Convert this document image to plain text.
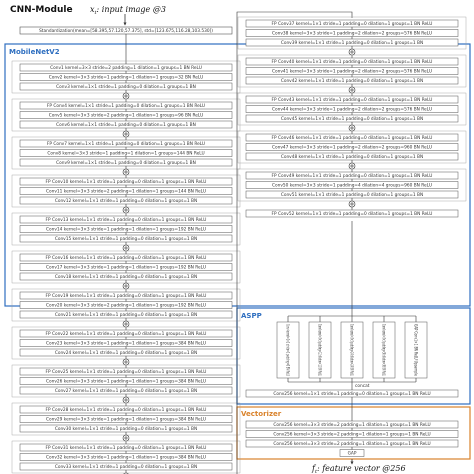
CNN-Module $x_t$: input image @3
Standardization(mean=[58.395,57.120,57.375], std=[123.675,116.28,103.530])
MobileNetV2
ASPP
Vectorizer
Conv1 kernel=3×3 stride=2 padding=1 dilation=1 groups=1 BN ReLU
Conv2 kernel=3×3 stride=1 padding=1 dilation=1 groups=32 BN ReLU
Conv3 kernel=1×1 stride=1 padding=0 dilation=1 groups=1 BN
FP Conv4 kernel=1×1 stride=1 padding=0 dilation=1 groups=1 BN ReLU
Conv5 kernel=3×3 stride=2 padding=1 dilation=1 groups=96 BN ReLU
Conv6 kernel=1×1 stride=1 padding=0 dilation=1 groups=1 BN
FP Conv7 kernel=1×1 stride=1 padding=0 dilation=1 groups=1 BN ReLU
Conv8 kernel=3×3 stride=1 padding=1 dilation=1 groups=144 BN ReLU
Conv9 kernel=1×1 stride=1 padding=0 dilation=1 groups=1 BN
FP Conv10 kernel=1×1 stride=1 padding=0 dilation=1 groups=1 BN ReLU
Conv11 kernel=3×3 stride=2 padding=1 dilation=1 groups=144 BN ReLU
Conv12 kernel=1×1 stride=1 padding=0 dilation=1 groups=1 BN
FP Conv13 kernel=1×1 stride=1 padding=0 dilation=1 groups=1 BN ReLU
Conv14 kernel=3×3 stride=1 padding=1 dilation=1 groups=192 BN ReLU
Conv15 kernel=1×1 stride=1 padding=0 dilation=1 groups=1 BN
FP Conv16 kernel=1×1 stride=1 padding=0 dilation=1 groups=1 BN ReLU
Conv17 kernel=3×3 stride=1 padding=1 dilation=1 groups=192 BN ReLU
Conv18 kernel=1×1 stride=1 padding=0 dilation=1 groups=1 BN
FP Conv19 kernel=1×1 stride=1 padding=0 dilation=1 groups=1 BN ReLU
Conv20 kernel=3×3 stride=2 padding=1 dilation=1 groups=192 BN ReLU
Conv21 kernel=1×1 stride=1 padding=0 dilation=1 groups=1 BN
FP Conv22 kernel=1×1 stride=1 padding=0 dilation=1 groups=1 BN ReLU
Conv23 kernel=3×3 stride=1 padding=1 dilation=1 groups=384 BN ReLU
Conv24 kernel=1×1 stride=1 padding=0 dilation=1 groups=1 BN
FP Conv25 kernel=1×1 stride=1 padding=0 dilation=1 groups=1 BN ReLU
Conv26 kernel=3×3 stride=1 padding=1 dilation=1 groups=384 BN ReLU
Conv27 kernel=1×1 stride=1 padding=0 dilation=1 groups=1 BN
FP Conv28 kernel=1×1 stride=1 padding=0 dilation=1 groups=1 BN ReLU
Conv29 kernel=3×3 stride=1 padding=1 dilation=1 groups=384 BN ReLU
Conv30 kernel=1×1 stride=1 padding=0 dilation=1 groups=1 BN
FP Conv31 kernel=1×1 stride=1 padding=0 dilation=1 groups=1 BN ReLU
Conv32 kernel=3×3 stride=1 padding=1 dilation=1 groups=384 BN ReLU
Conv33 kernel=1×1 stride=1 padding=0 dilation=1 groups=1 BN
FP Conv37 kernel=1×1 stride=1 padding=0 dilation=1 groups=1 BN ReLU
Conv38 kernel=3×3 stride=1 padding=2 dilation=2 groups=576 BN ReLU
Conv39 kernel=1×1 stride=1 padding=0 dilation=1 groups=1 BN
FP Conv40 kernel=1×1 stride=1 padding=0 dilation=1 groups=1 BN ReLU
Conv41 kernel=3×3 stride=1 padding=2 dilation=2 groups=576 BN ReLU
Conv42 kernel=1×1 stride=1 padding=0 dilation=1 groups=1 BN
FP Conv43 kernel=1×1 stride=1 padding=0 dilation=1 groups=1 BN ReLU
Conv44 kernel=3×3 stride=1 padding=2 dilation=2 groups=576 BN ReLU
Conv45 kernel=1×1 stride=1 padding=0 dilation=1 groups=1 BN
FP Conv46 kernel=1×1 stride=1 padding=0 dilation=1 groups=1 BN ReLU
Conv47 kernel=3×3 stride=1 padding=2 dilation=2 groups=960 BN ReLU
Conv48 kernel=1×1 stride=1 padding=0 dilation=1 groups=1 BN
FP Conv49 kernel=1×1 stride=1 padding=0 dilation=1 groups=1 BN ReLU
Conv50 kernel=3×3 stride=1 padding=4 dilation=4 groups=960 BN ReLU
Conv51 kernel=1×1 stride=1 padding=0 dilation=1 groups=1 BN
FP Conv52 kernel=1×1 stride=1 padding=0 dilation=1 groups=1 BN ReLU
Conv kernel=1×1 stride=1 padding=0 BN ReLU	Conv kernel=3×3 padding=12 dilation=12 BN ReLU	Conv kernel=3×3 padding=24 dilation=24 BN ReLU	Conv kernel=3×3 padding=36 dilation=36 BN ReLU	GAP Conv1×1 BN ReLU Upsample
concat
Conv256 kernel=1×1 stride=1 padding=0 dilation=1 groups=1 BN ReLU
Conv256 kernel=3×3 stride=2 padding=1 dilation=1 groups=1 BN ReLU
Conv256 kernel=3×3 stride=2 padding=1 dilation=1 groups=1 BN ReLU
Conv256 kernel=3×3 stride=2 padding=1 dilation=1 groups=1 BN ReLU
GAP
$f_t$: feature vector @256
